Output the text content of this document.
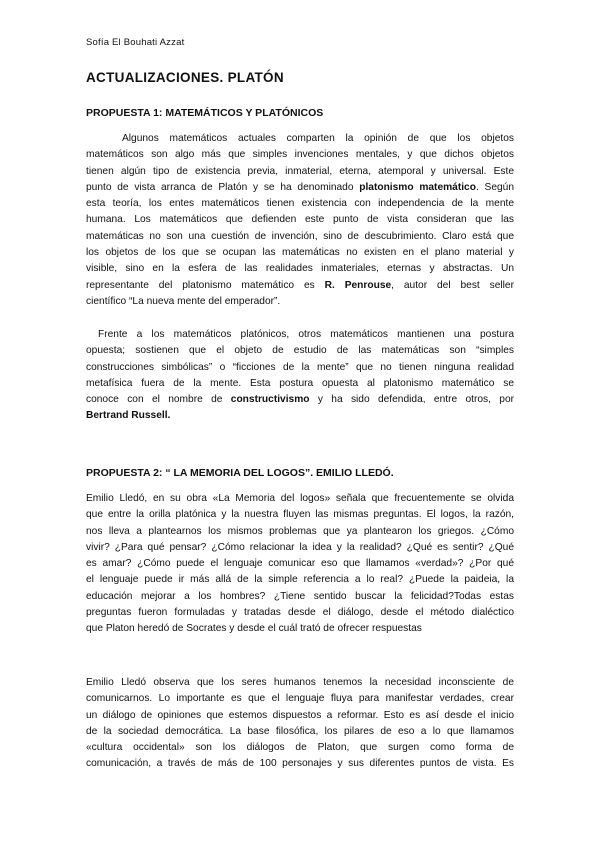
Sofía El Bouhati Azzat
ACTUALIZACIONES. PLATÓN
PROPUESTA 1: MATEMÁTICOS Y PLATÓNICOS

Algunos matemáticos actuales comparten la opinión de que los objetos
matemáticos son algo más que simples invenciones mentales, y que dichos objetos
tienen algún tipo de existencia previa, inmaterial, eterna, atemporal y universal. Este
punto de vista arranca de Platón y se ha denominado platonismo matemático. Según
esta teoría, los entes matemáticos tienen existencia con independencia de la mente
humana. Los matemáticos que defienden este punto de vista consideran que las
matemáticas no son una cuestión de invención, sino de descubrimiento. Claro está que
los objetos de los que se ocupan las matemáticas no existen en el plano material y
visible, sino en la esfera de las realidades inmateriales, eternas y abstractas. Un
representante del platonismo matemático es R. Penrouse, autor del best seller
científico “La nueva mente del emperador”.

Frente a los matemáticos platónicos, otros matemáticos mantienen una postura
opuesta; sostienen que el objeto de estudio de las matemáticas son “simples
construcciones simbólicas” o “ficciones de la mente” que no tienen ninguna realidad
metafísica fuera de la mente. Esta postura opuesta al platonismo matemático se
conoce con el nombre de constructivismo y ha sido defendida, entre otros, por
Bertrand Russell.

PROPUESTA 2: “ LA MEMORIA DEL LOGOS”. EMILIO LLEDÓ.

Emilio Lledó, en su obra «La Memoria del logos» señala que frecuentemente se olvida
que entre la orilla platónica y la nuestra fluyen las mismas preguntas. El logos, la razón,
nos lleva a plantearnos los mismos problemas que ya plantearon los griegos. ¿Cómo
vivir? ¿Para qué pensar? ¿Cómo relacionar la idea y la realidad? ¿Qué es sentir? ¿Qué
es amar? ¿Cómo puede el lenguaje comunicar eso que llamamos «verdad»? ¿Por qué
el lenguaje puede ir más allá de la simple referencia a lo real? ¿Puede la paideia, la
educación mejorar a los hombres? ¿Tiene sentido buscar la felicidad?Todas estas
preguntas fueron formuladas y tratadas desde el diálogo, desde el método dialéctico
que Platon heredó de Socrates y desde el cuál trató de ofrecer respuestas

Emilio Lledó observa que los seres humanos tenemos la necesidad inconsciente de
comunicarnos. Lo importante es que el lenguaje fluya para manifestar verdades, crear
un diálogo de opiniones que estemos dispuestos a reformar. Esto es así desde el inicio
de la sociedad democrática. La base filosófica, los pilares de eso a lo que llamamos
«cultura occidental» son los diálogos de Platon, que surgen como forma de
comunicación, a través de más de 100 personajes y sus diferentes puntos de vista. Es
